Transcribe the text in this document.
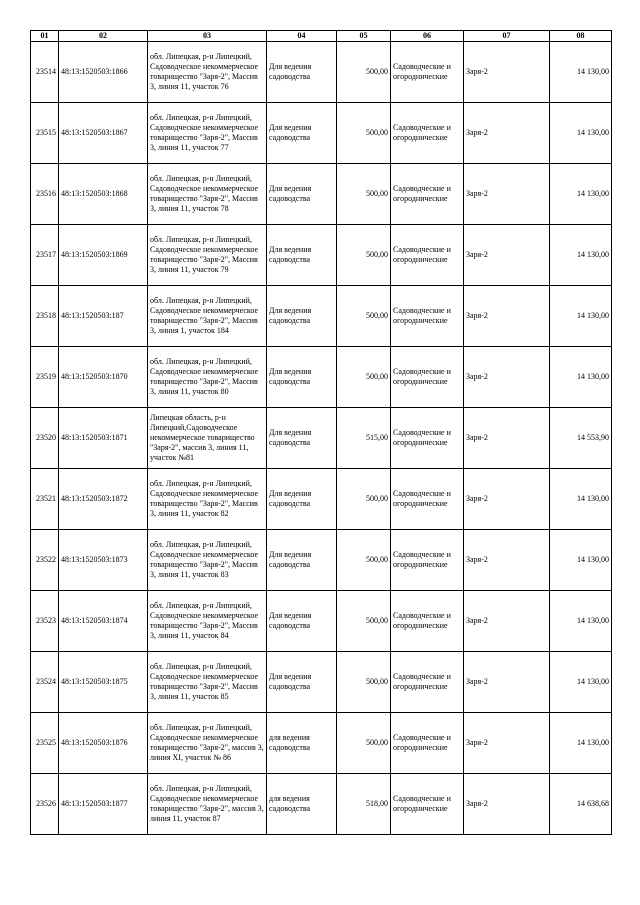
01	02	03	04	05	06	07	08
23514	48:13:1520503:1866	обл. Липецкая, р-н Липецкий, Садоводческое некоммерческое товарищество "Заря-2", Массив 3, линия 11, участок 76	Для ведения садоводства	500,00	Садоводческие и огороднические	Заря-2	14 130,00
23515	48:13:1520503:1867	обл. Липецкая, р-н Липецкий, Садоводческое некоммерческое товарищество "Заря-2", Массив 3, линия 11, участок 77	Для ведения садоводства	500,00	Садоводческие и огороднические	Заря-2	14 130,00
23516	48:13:1520503:1868	обл. Липецкая, р-н Липецкий, Садоводческое некоммерческое товарищество "Заря-2", Массив 3, линия 11, участок 78	Для ведения садоводства	500,00	Садоводческие и огороднические	Заря-2	14 130,00
23517	48:13:1520503:1869	обл. Липецкая, р-н Липецкий, Садоводческое некоммерческое товарищество "Заря-2", Массив 3, линия 11, участок 79	Для ведения садоводства	500,00	Садоводческие и огороднические	Заря-2	14 130,00
23518	48:13:1520503:187	обл. Липецкая, р-н Липецкий, Садоводческое некоммерческое товарищество "Заря-2", Массив 3, линия 1, участок 184	Для ведения садоводства	500,00	Садоводческие и огороднические	Заря-2	14 130,00
23519	48:13:1520503:1870	обл. Липецкая, р-н Липецкий, Садоводческое некоммерческое товарищество "Заря-2", Массив 3, линия 11, участок 80	Для ведения садоводства	500,00	Садоводческие и огороднические	Заря-2	14 130,00
23520	48:13:1520503:1871	Липецкая область, р-н Липецкий,Садоводческое некоммерческое товарищество "Заря-2", массив 3, линия 11, участок №81	Для ведения садоводства	515,00	Садоводческие и огороднические	Заря-2	14 553,90
23521	48:13:1520503:1872	обл. Липецкая, р-н Липецкий, Садоводческое некоммерческое товарищество "Заря-2", Массив 3, линия 11, участок 82	Для ведения садоводства	500,00	Садоводческие и огороднические	Заря-2	14 130,00
23522	48:13:1520503:1873	обл. Липецкая, р-н Липецкий, Садоводческое некоммерческое товарищество "Заря-2", Массив 3, линия 11, участок 83	Для ведения садоводства	500,00	Садоводческие и огороднические	Заря-2	14 130,00
23523	48:13:1520503:1874	обл. Липецкая, р-н Липецкий, Садоводческое некоммерческое товарищество "Заря-2", Массив 3, линия 11, участок 84	Для ведения садоводства	500,00	Садоводческие и огороднические	Заря-2	14 130,00
23524	48:13:1520503:1875	обл. Липецкая, р-н Липецкий, Садоводческое некоммерческое товарищество "Заря-2", Массив 3, линия 11, участок 85	Для ведения садоводства	500,00	Садоводческие и огороднические	Заря-2	14 130,00
23525	48:13:1520503:1876	обл. Липецкая, р-н Липецкий, Садоводческое некоммерческое товарищество "Заря-2", массив 3, линия XI, участок № 86	для ведения садоводства	500,00	Садоводческие и огороднические	Заря-2	14 130,00
23526	48:13:1520503:1877	обл. Липецкая, р-н Липецкий, Садоводческое некоммерческое товарищество "Заря-2", массив 3, линия 11, участок 87	для ведения садоводства	518,00	Садоводческие и огороднические	Заря-2	14 638,68
